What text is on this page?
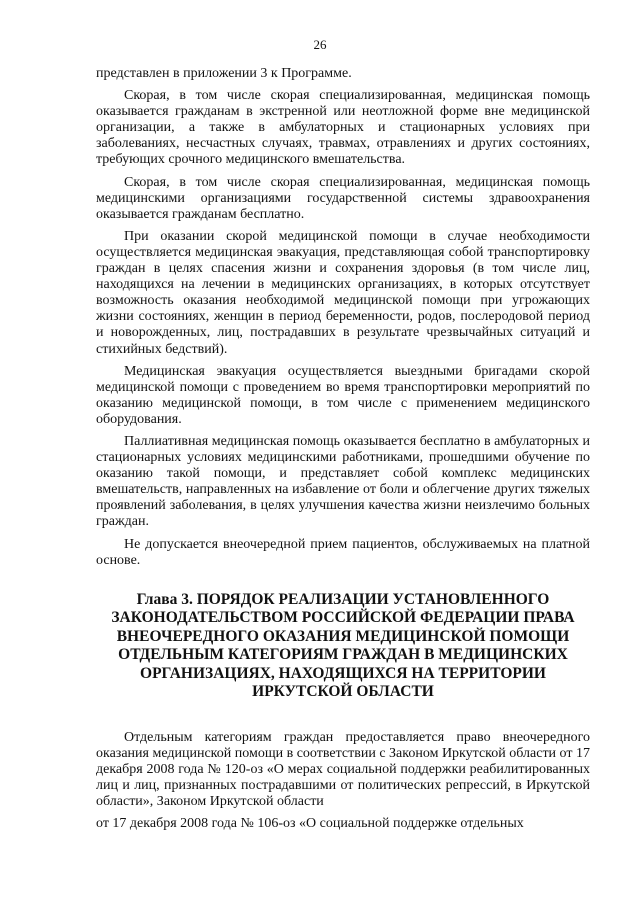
26

представлен в приложении 3 к Программе.

Скорая, в том числе скорая специализированная, медицинская помощь оказывается гражданам в экстренной или неотложной форме вне медицинской организации, а также в амбулаторных и стационарных условиях при заболеваниях, несчастных случаях, травмах, отравлениях и других состояниях, требующих срочного медицинского вмешательства.

Скорая, в том числе скорая специализированная, медицинская помощь медицинскими организациями государственной системы здравоохранения оказывается гражданам бесплатно.

При оказании скорой медицинской помощи в случае необходимости осуществляется медицинская эвакуация, представляющая собой транспортировку граждан в целях спасения жизни и сохранения здоровья (в том числе лиц, находящихся на лечении в медицинских организациях, в которых отсутствует возможность оказания необходимой медицинской помощи при угрожающих жизни состояниях, женщин в период беременности, родов, послеродовой период и новорожденных, лиц, пострадавших в результате чрезвычайных ситуаций и стихийных бедствий).

Медицинская эвакуация осуществляется выездными бригадами скорой медицинской помощи с проведением во время транспортировки мероприятий по оказанию медицинской помощи, в том числе с применением медицинского оборудования.

Паллиативная медицинская помощь оказывается бесплатно в амбулаторных и стационарных условиях медицинскими работниками, прошедшими обучение по оказанию такой помощи, и представляет собой комплекс медицинских вмешательств, направленных на избавление от боли и облегчение других тяжелых проявлений заболевания, в целях улучшения качества жизни неизлечимо больных граждан.

Не допускается внеочередной прием пациентов, обслуживаемых на платной основе.

Глава 3. ПОРЯДОК РЕАЛИЗАЦИИ УСТАНОВЛЕННОГО ЗАКОНОДАТЕЛЬСТВОМ РОССИЙСКОЙ ФЕДЕРАЦИИ ПРАВА ВНЕОЧЕРЕДНОГО ОКАЗАНИЯ МЕДИЦИНСКОЙ ПОМОЩИ ОТДЕЛЬНЫМ КАТЕГОРИЯМ ГРАЖДАН В МЕДИЦИНСКИХ ОРГАНИЗАЦИЯХ, НАХОДЯЩИХСЯ НА ТЕРРИТОРИИ ИРКУТСКОЙ ОБЛАСТИ

Отдельным категориям граждан предоставляется право внеочередного оказания медицинской помощи в соответствии с Законом Иркутской области от 17 декабря 2008 года № 120-оз «О мерах социальной поддержки реабилитированных лиц и лиц, признанных пострадавшими от политических репрессий, в Иркутской области», Законом Иркутской области

от 17 декабря 2008 года № 106-оз «О социальной поддержке отдельных
